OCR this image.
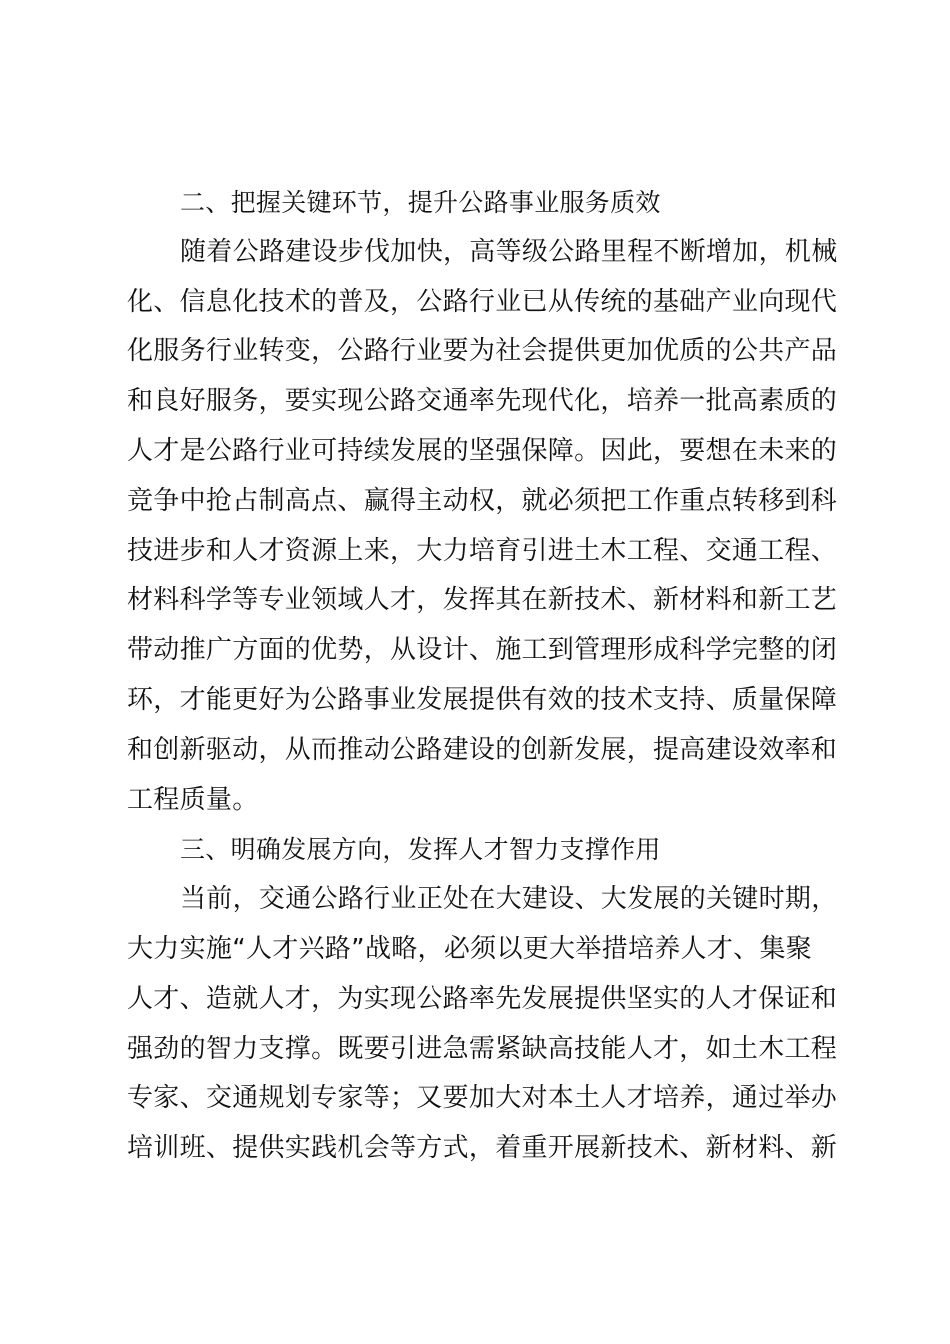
二、把握关键环节，提升公路事业服务质效
随着公路建设步伐加快，高等级公路里程不断增加，机械
化、信息化技术的普及，公路行业已从传统的基础产业向现代
化服务行业转变，公路行业要为社会提供更加优质的公共产品
和良好服务，要实现公路交通率先现代化，培养一批高素质的
人才是公路行业可持续发展的坚强保障。因此，要想在未来的
竞争中抢占制高点、赢得主动权，就必须把工作重点转移到科
技进步和人才资源上来，大力培育引进土木工程、交通工程、
材料科学等专业领域人才，发挥其在新技术、新材料和新工艺
带动推广方面的优势，从设计、施工到管理形成科学完整的闭
环，才能更好为公路事业发展提供有效的技术支持、质量保障
和创新驱动，从而推动公路建设的创新发展，提高建设效率和
工程质量。
三、明确发展方向，发挥人才智力支撑作用
当前，交通公路行业正处在大建设、大发展的关键时期，
大力实施“人才兴路”战略，必须以更大举措培养人才、集聚
人才、造就人才，为实现公路率先发展提供坚实的人才保证和
强劲的智力支撑。既要引进急需紧缺高技能人才，如土木工程
专家、交通规划专家等；又要加大对本土人才培养，通过举办
培训班、提供实践机会等方式，着重开展新技术、新材料、新
